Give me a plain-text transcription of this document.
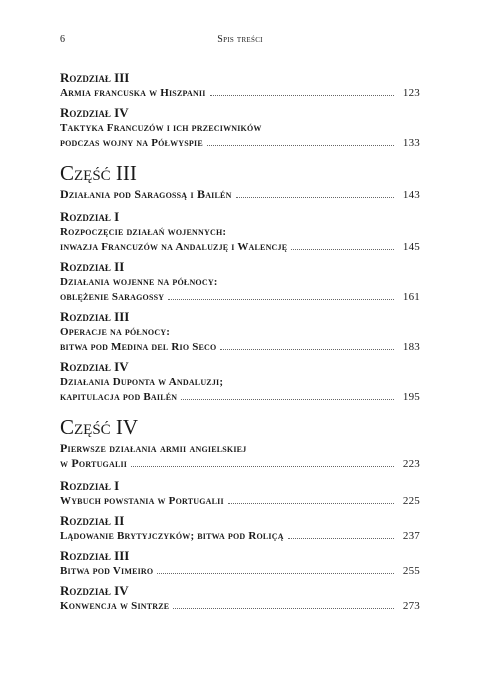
6	Spis treści
Rozdział III
Armia francuska w Hiszpanii	123
Rozdział IV
Taktyka Francuzów i ich przeciwników
podczas wojny na Półwyspie	133
Część III
Działania pod Saragossą i Bailén	143
Rozdział I
Rozpoczęcie działań wojennych:
inwazja Francuzów na Andaluzję i Walencję	145
Rozdział II
Działania wojenne na północy:
oblężenie Saragossy	161
Rozdział III
Operacje na północy:
bitwa pod Medina del Rio Seco	183
Rozdział IV
Działania Duponta w Andaluzji;
kapitulacja pod Bailén	195
Część IV
Pierwsze działania armii angielskiej
w Portugalii	223
Rozdział I
Wybuch powstania w Portugalii	225
Rozdział II
Lądowanie Brytyjczyków; bitwa pod Roliçą	237
Rozdział III
Bitwa pod Vimeiro	255
Rozdział IV
Konwencja w Sintrze	273
